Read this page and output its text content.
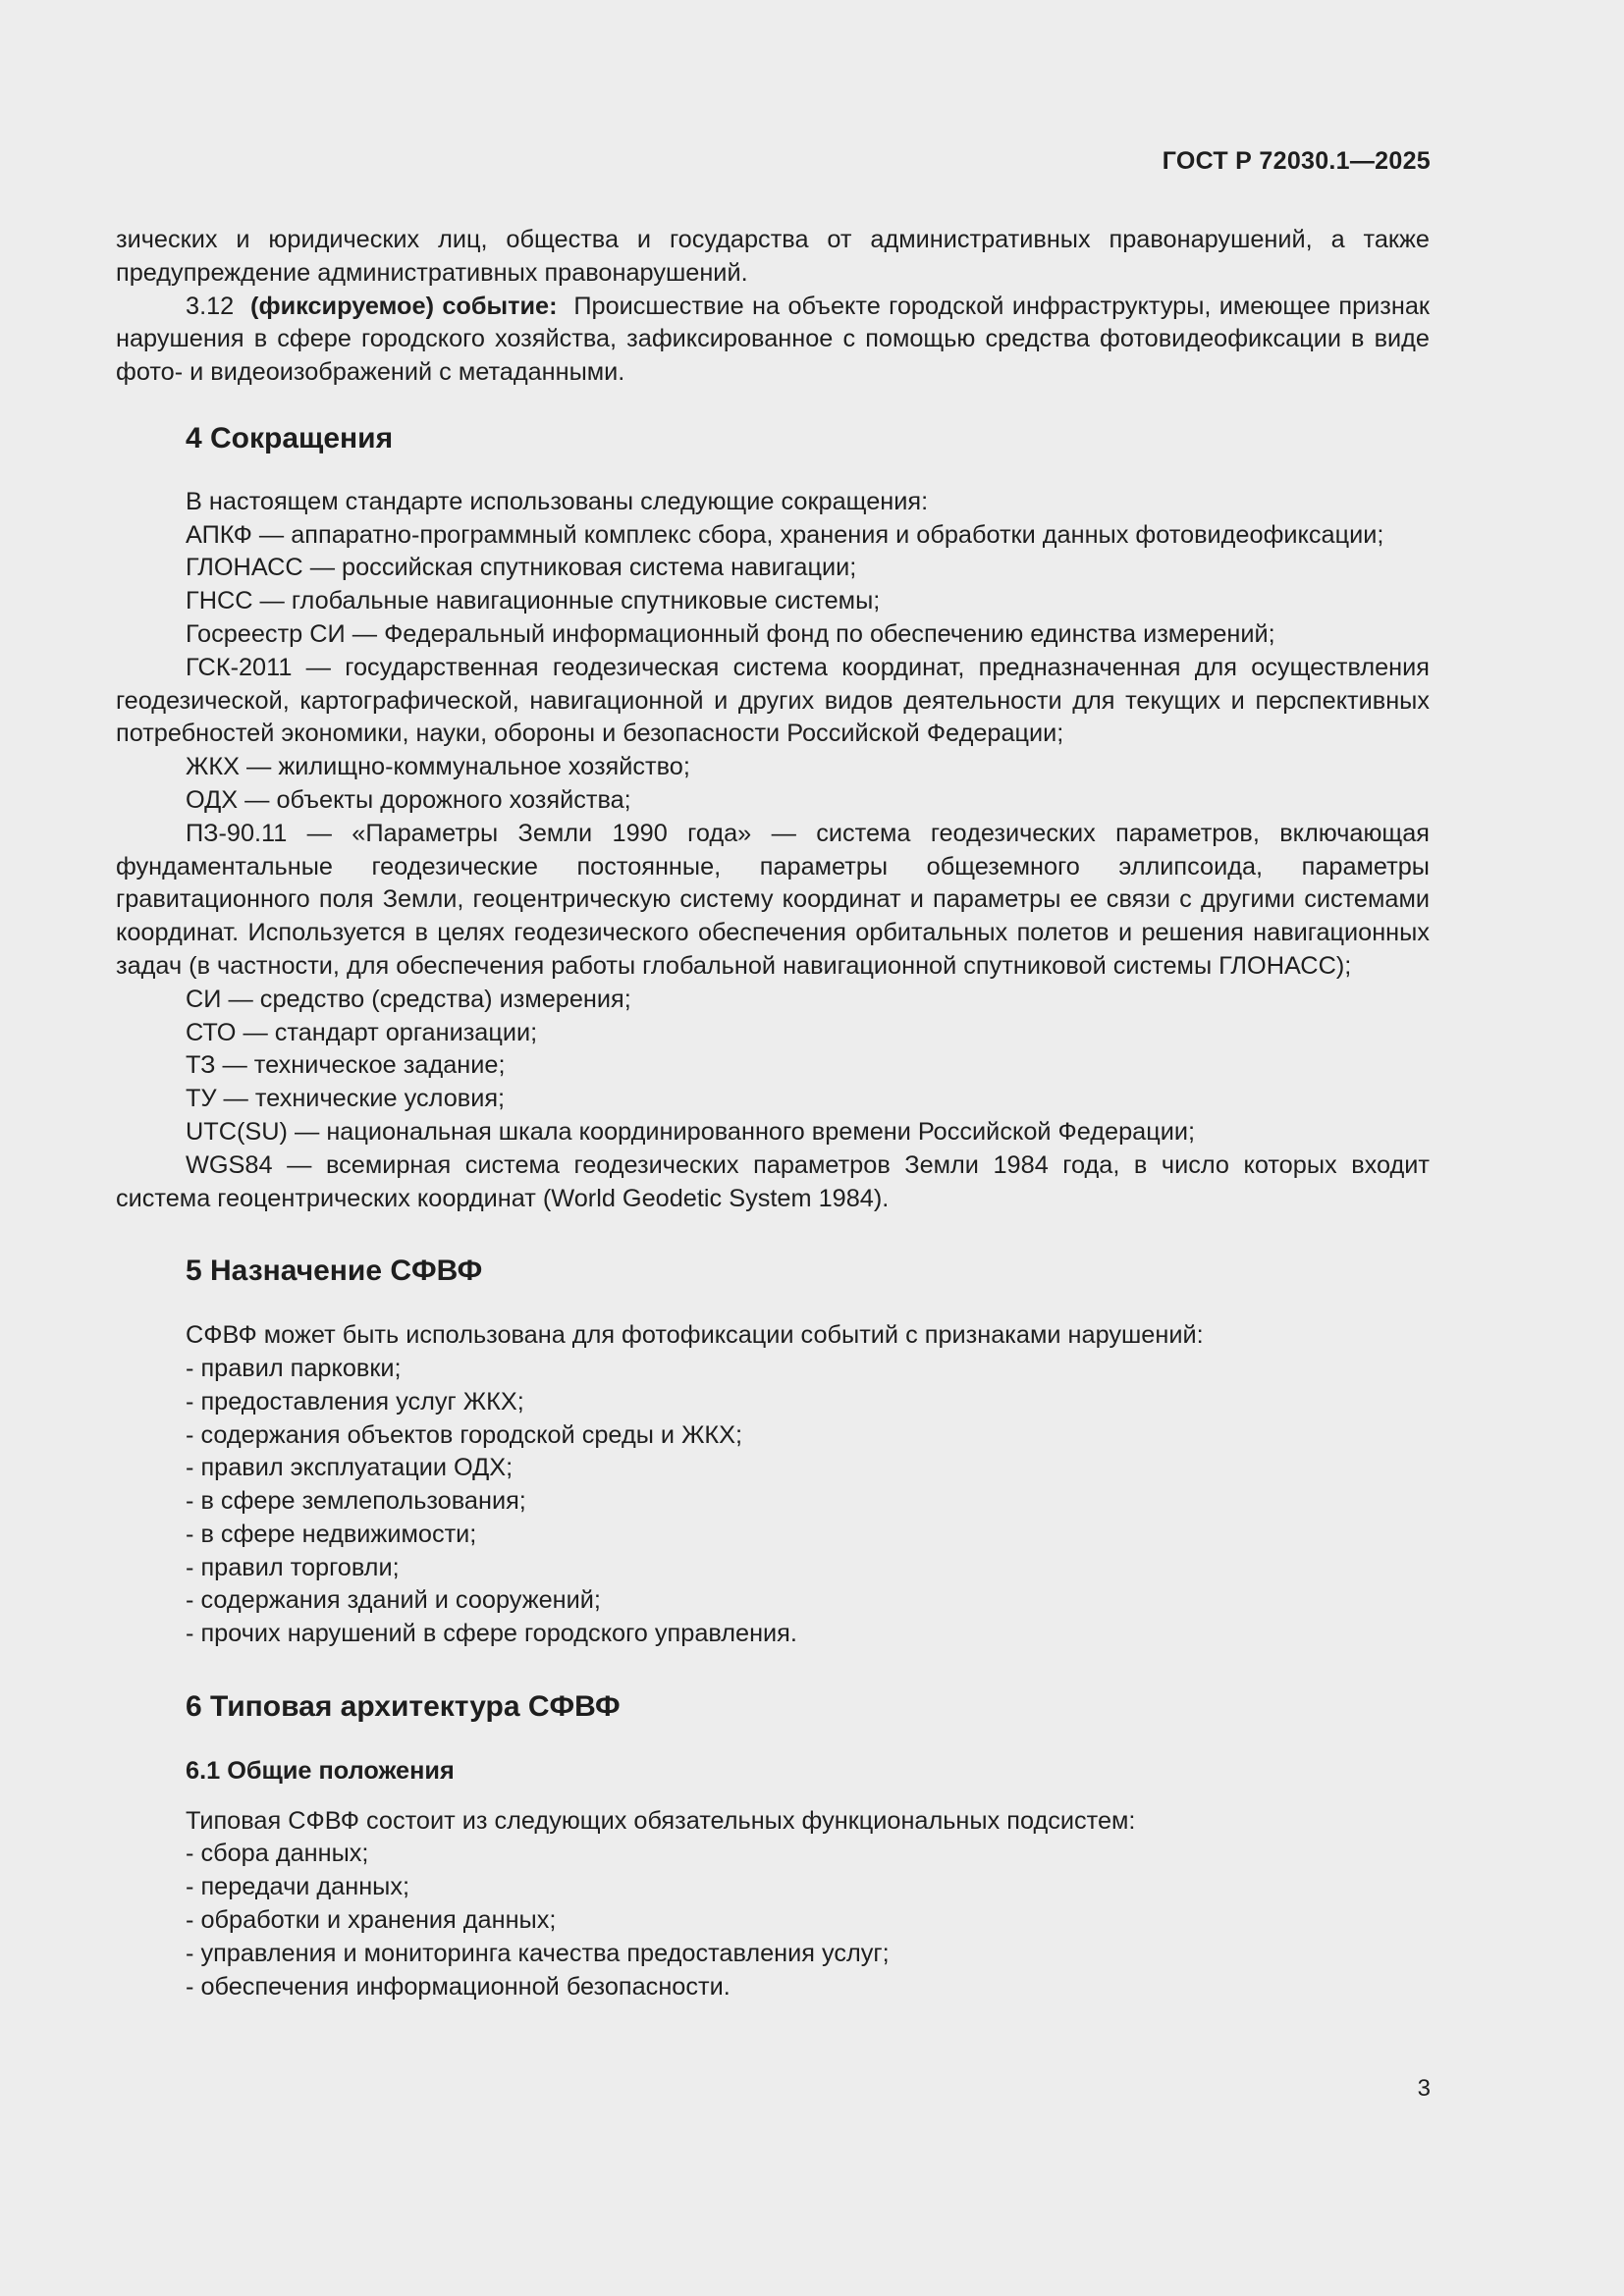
ГОСТ Р 72030.1—2025

зических и юридических лиц, общества и государства от административных правонарушений, а также предупреждение административных правонарушений.

3.12 (фиксируемое) событие: Происшествие на объекте городской инфраструктуры, имеющее признак нарушения в сфере городского хозяйства, зафиксированное с помощью средства фотовидеофиксации в виде фото- и видеоизображений с метаданными.

4 Сокращения

В настоящем стандарте использованы следующие сокращения:

АПКФ — аппаратно-программный комплекс сбора, хранения и обработки данных фотовидеофиксации;

ГЛОНАСС — российская спутниковая система навигации;

ГНСС — глобальные навигационные спутниковые системы;

Госреестр СИ — Федеральный информационный фонд по обеспечению единства измерений;

ГСК-2011 — государственная геодезическая система координат, предназначенная для осуществления геодезической, картографической, навигационной и других видов деятельности для текущих и перспективных потребностей экономики, науки, обороны и безопасности Российской Федерации;

ЖКХ — жилищно-коммунальное хозяйство;

ОДХ — объекты дорожного хозяйства;

ПЗ-90.11 — «Параметры Земли 1990 года» — система геодезических параметров, включающая фундаментальные геодезические постоянные, параметры общеземного эллипсоида, параметры гравитационного поля Земли, геоцентрическую систему координат и параметры ее связи с другими системами координат. Используется в целях геодезического обеспечения орбитальных полетов и решения навигационных задач (в частности, для обеспечения работы глобальной навигационной спутниковой системы ГЛОНАСС);

СИ — средство (средства) измерения;

СТО — стандарт организации;

ТЗ — техническое задание;

ТУ — технические условия;

UTC(SU) — национальная шкала координированного времени Российской Федерации;

WGS84 — всемирная система геодезических параметров Земли 1984 года, в число которых входит система геоцентрических координат (World Geodetic System 1984).

5 Назначение СФВФ

СФВФ может быть использована для фотофиксации событий с признаками нарушений:

- правил парковки;

- предоставления услуг ЖКХ;

- содержания объектов городской среды и ЖКХ;

- правил эксплуатации ОДХ;

- в сфере землепользования;

- в сфере недвижимости;

- правил торговли;

- содержания зданий и сооружений;

- прочих нарушений в сфере городского управления.

6 Типовая архитектура СФВФ
6.1 Общие положения

Типовая СФВФ состоит из следующих обязательных функциональных подсистем:

- сбора данных;

- передачи данных;

- обработки и хранения данных;

- управления и мониторинга качества предоставления услуг;

- обеспечения информационной безопасности.

3
